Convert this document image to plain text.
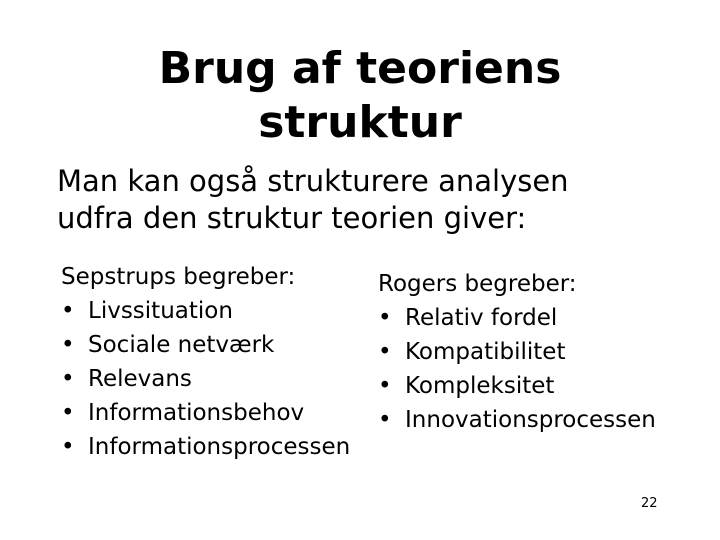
Brug af teoriens
struktur
Man kan også strukturere analysen
udfra den struktur teorien giver:
Sepstrups begreber:
• Livssituation
• Sociale netværk
• Relevans
• Informationsbehov
• Informationsprocessen
Rogers begreber:
• Relativ fordel
• Kompatibilitet
• Kompleksitet
• Innovationsprocessen
22
